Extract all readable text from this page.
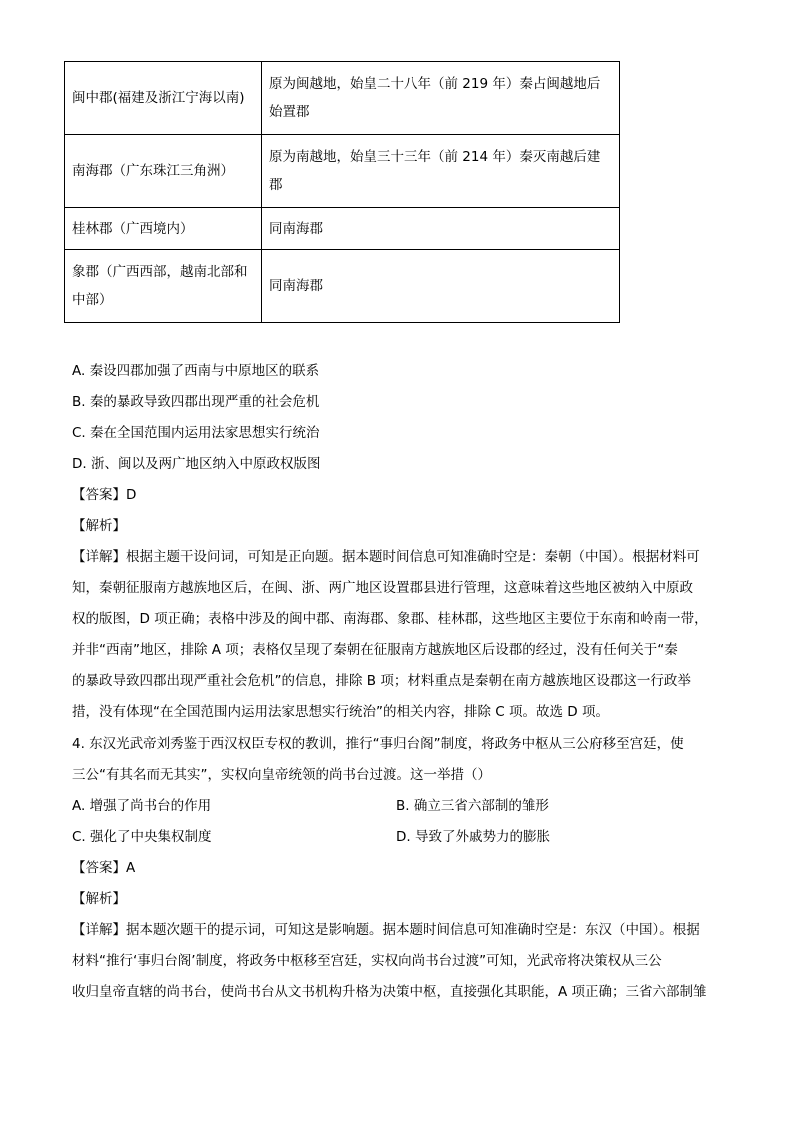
闽中郡(福建及浙江宁海以南)	原为闽越地，始皇二十八年（前 219 年）秦占闽越地后始置郡
南海郡（广东珠江三角洲）	原为南越地，始皇三十三年（前 214 年）秦灭南越后建郡
桂林郡（广西境内）	同南海郡
象郡（广西西部，越南北部和中部）	同南海郡
A. 秦设四郡加强了西南与中原地区的联系
B. 秦的暴政导致四郡出现严重的社会危机
C. 秦在全国范围内运用法家思想实行统治
D. 浙、闽以及两广地区纳入中原政权版图
【答案】D
【解析】
【详解】根据主题干设问词，可知是正向题。据本题时间信息可知准确时空是：秦朝（中国）。根据材料可
知，秦朝征服南方越族地区后，在闽、浙、两广地区设置郡县进行管理，这意味着这些地区被纳入中原政
权的版图，D 项正确；表格中涉及的闽中郡、南海郡、象郡、桂林郡，这些地区主要位于东南和岭南一带，
并非“西南”地区，排除 A 项；表格仅呈现了秦朝在征服南方越族地区后设郡的经过，没有任何关于“秦
的暴政导致四郡出现严重社会危机”的信息，排除 B 项；材料重点是秦朝在南方越族地区设郡这一行政举
措，没有体现“在全国范围内运用法家思想实行统治”的相关内容，排除 C 项。故选 D 项。
4. 东汉光武帝刘秀鉴于西汉权臣专权的教训，推行“事归台阁”制度，将政务中枢从三公府移至宫廷，使
三公“有其名而无其实”，实权向皇帝统领的尚书台过渡。这一举措（）
A. 增强了尚书台的作用	B. 确立三省六部制的雏形
C. 强化了中央集权制度	D. 导致了外戚势力的膨胀
【答案】A
【解析】
【详解】据本题次题干的提示词，可知这是影响题。据本题时间信息可知准确时空是：东汉（中国）。根据
材料“推行‘事归台阁’制度，将政务中枢移至宫廷，实权向尚书台过渡”可知，光武帝将决策权从三公
收归皇帝直辖的尚书台，使尚书台从文书机构升格为决策中枢，直接强化其职能，A 项正确；三省六部制雏
